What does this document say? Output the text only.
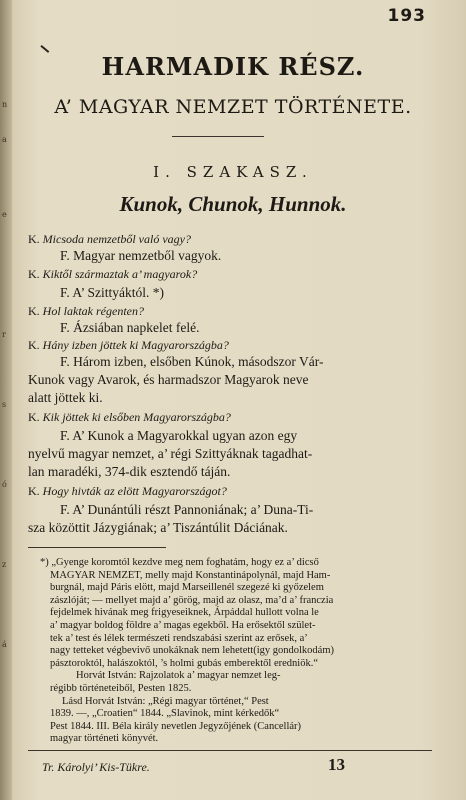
n
a
e
r
s
ó
z
á
193
HARMADIK RÉSZ.
A’ MAGYAR NEMZET TÖRTÉNETE.
I. SZAKASZ.
Kunok, Chunok, Hunnok.
K. Micsoda nemzetből való vagy?
F. Magyar nemzetből vagyok.
K. Kiktől származtak a’ magyarok?
F. A’ Szittyáktól. *)
K. Hol laktak régenten?
F. Ázsiában napkelet felé.
K. Hány izben jöttek ki Magyarországba?
F. Három izben, elsőben Kúnok, másodszor Vár-
Kunok vagy Avarok, és harmadszor Magyarok neve
alatt jöttek ki.
K. Kik jöttek ki elsőben Magyarországba?
F. A’ Kunok a Magyarokkal ugyan azon egy
nyelvű magyar nemzet, a’ régi Szittyáknak tagadhat-
lan maradéki, 374-dik esztendő táján.
K. Hogy hivták az elött Magyarországot?
F. A’ Dunántúli részt Pannoniának; a’ Duna-Ti-
sza közöttit Jázygiának; a’ Tiszántúlit Dáciának.
*) „Gyenge koromtól kezdve meg nem foghatám, hogy ez a’ dicső
MAGYAR NEMZET, melly majd Konstantinápolynál, majd Ham-
burgnál, majd Páris elött, majd Marseillenél szegezé ki győzelem
zászlóját; — mellyet majd a’ görög, majd az olasz, ma’d a’ franczia
fejdelmek hivának meg frigyeseiknek, Árpáddal hullott volna le
a’ magyar boldog földre a’ magas egekből. Ha erősektől szület-
tek a’ test és lélek természeti rendszabási szerint az erősek, a’
nagy tetteket végbevivő unokáknak nem lehetett(igy gondolkodám)
pásztoroktól, halászoktól, ’s holmi gubás emberektől eredniök.“
Horvát István: Rajzolatok a’ magyar nemzet leg-
régibb történeteiből, Pesten 1825.
Lásd Horvát István: „Régi magyar történet,“ Pest
1839. —, „Croatien“ 1844. „Slavinok, mint kérkedők“
Pest 1844. III. Béla király nevetlen Jegyzőjének (Cancellár)
magyar történeti könyvét.
Tr. Károlyi’ Kis-Tükre.	13
